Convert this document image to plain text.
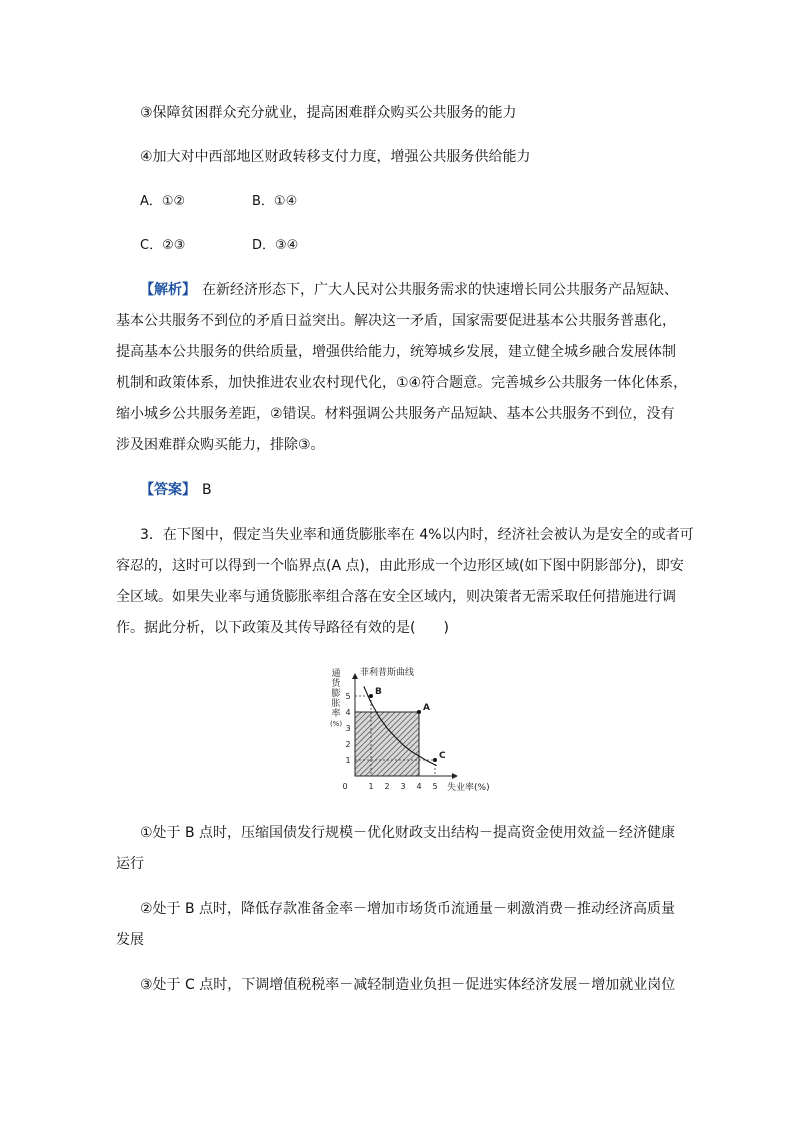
③保障贫困群众充分就业，提高困难群众购买公共服务的能力
④加大对中西部地区财政转移支付力度，增强公共服务供给能力
A．①②	B．①④
C．②③	D．③④
【解析】 在新经济形态下，广大人民对公共服务需求的快速增长同公共服务产品短缺、
基本公共服务不到位的矛盾日益突出。解决这一矛盾，国家需要促进基本公共服务普惠化，
提高基本公共服务的供给质量，增强供给能力，统筹城乡发展，建立健全城乡融合发展体制
机制和政策体系，加快推进农业农村现代化，①④符合题意。完善城乡公共服务一体化体系，
缩小城乡公共服务差距，②错误。材料强调公共服务产品短缺、基本公共服务不到位，没有
涉及困难群众购买能力，排除③。
【答案】 B
3．在下图中，假定当失业率和通货膨胀率在 4%以内时，经济社会被认为是安全的或者可
容忍的，这时可以得到一个临界点(A 点)，由此形成一个边形区域(如下图中阴影部分)，即安
全区域。如果失业率与通货膨胀率组合落在安全区域内，则决策者无需采取任何措施进行调
作。据此分析，以下政策及其传导路径有效的是(　　)
0	1 2 3 4 5
1
2
3
4
5	B
A
C
菲利普斯曲线
失业率(%)
通
货
膨
胀
率
(%)
①处于 B 点时，压缩国债发行规模－优化财政支出结构－提高资金使用效益－经济健康
运行
②处于 B 点时，降低存款准备金率－增加市场货币流通量－刺激消费－推动经济高质量
发展
③处于 C 点时，下调增值税税率－减轻制造业负担－促进实体经济发展－增加就业岗位
